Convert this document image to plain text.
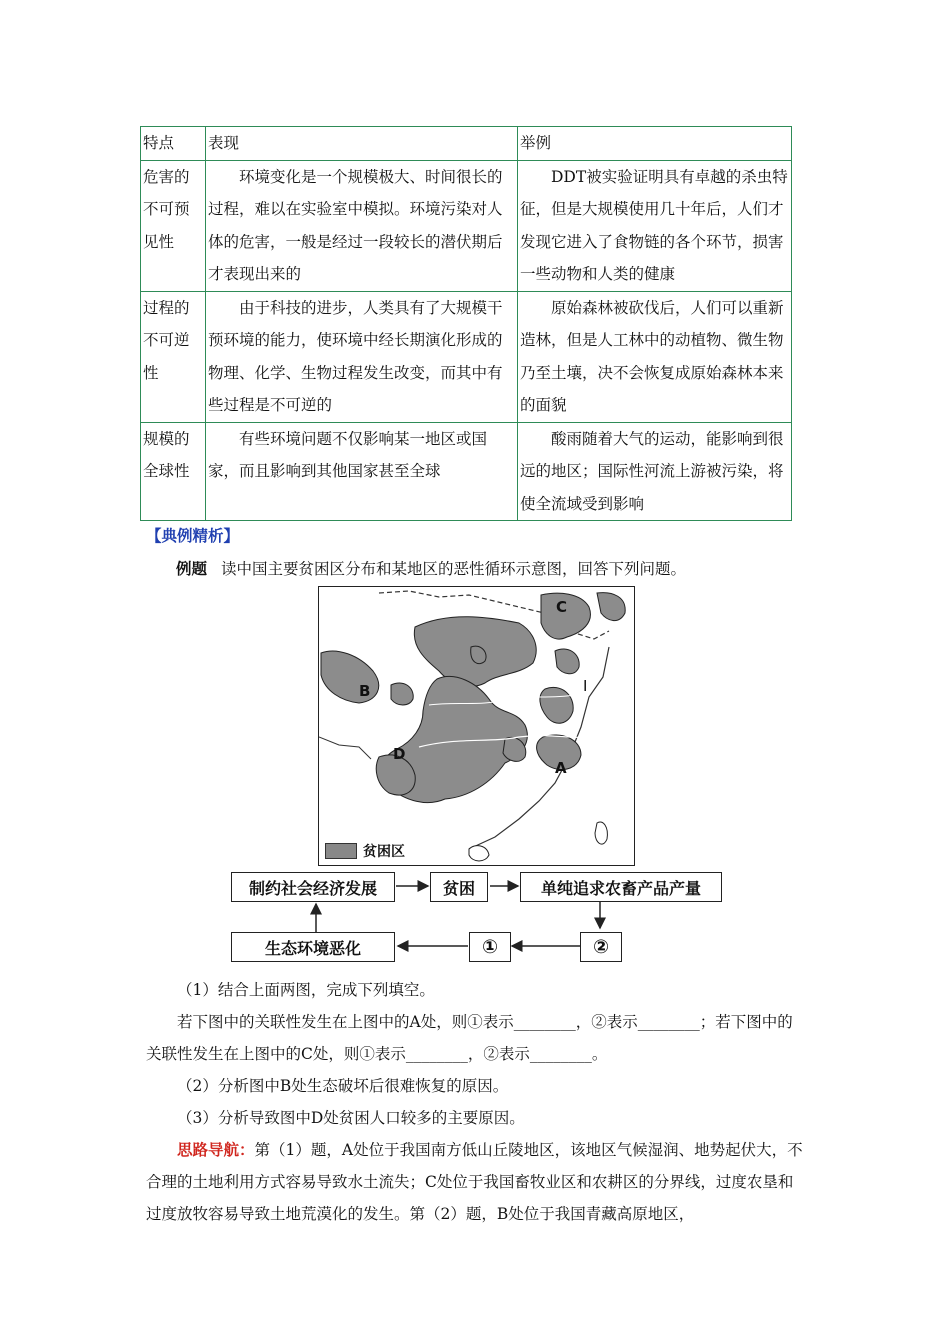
特点	表现	举例
危害的不可预见性	环境变化是一个规模极大、时间很长的过程，难以在实验室中模拟。环境污染对人体的危害，一般是经过一段较长的潜伏期后才表现出来的	DDT被实验证明具有卓越的杀虫特征，但是大规模使用几十年后，人们才发现它进入了食物链的各个环节，损害一些动物和人类的健康

过程的不可逆性	由于科技的进步，人类具有了大规模干预环境的能力，使环境中经长期演化形成的物理、化学、生物过程发生改变，而其中有些过程是不可逆的	原始森林被砍伐后，人们可以重新造林，但是人工林中的动植物、微生物乃至土壤，决不会恢复成原始森林本来的面貌

规模的全球性	有些环境问题不仅影响某一地区或国家，而且影响到其他国家甚至全球	酸雨随着大气的运动，能影响到很远的地区；国际性河流上游被污染，将使全流域受到影响
【典例精析】
例题 读中国主要贫困区分布和某地区的恶性循环示意图，回答下列问题。
C
B	I
D
A
贫困区
制约社会经济发展	贫困	单纯追求农畜产品产量
②
①
生态环境恶化
（1）结合上面两图，完成下列填空。
若下图中的关联性发生在上图中的A处，则①表示________，②表示________；若下图中的关联性发生在上图中的C处，则①表示________，②表示________。
（2）分析图中B处生态破坏后很难恢复的原因。
（3）分析导致图中D处贫困人口较多的主要原因。
思路导航：第（1）题，A处位于我国南方低山丘陵地区，该地区气候湿润、地势起伏大，不合理的土地利用方式容易导致水土流失；C处位于我国畜牧业区和农耕区的分界线，过度农垦和过度放牧容易导致土地荒漠化的发生。第（2）题，B处位于我国青藏高原地区，
